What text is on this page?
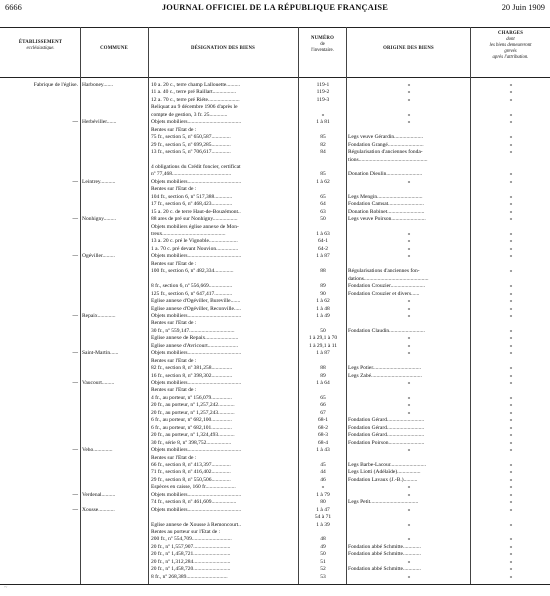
6666	JOURNAL OFFICIEL DE LA RÉPUBLIQUE FRANÇAISE	20 Juin 1909
ÉTABLISSEMENT
ecclésiastique.	COMMUNE	DÉSIGNATION DES BIENS
NUMÉRO
de
l'inventaire.	ORIGINE DES BIENS
CHARGES
dont
les biens demeureront
grevés
après l'attribution.
Fabrique de l'église. Harboney.......	10 a. 20 c., terre champ Lallouette..........	119-1	»	»
11 a. 40 c., terre pré Raillart.................	119-2	»	»
12 a. 70 c., terre pré Riéte.......................	119-3	»	»
Reliquat au 9 décembre 1906 d'après le
compte de gestion, 3 fr. 25.............	»	»	»
— Herbéviller.......	Objets mobiliers.......................................	1 à 81	»	»
Rentes sur l'Etat de :
75 fr., section 5, nº 650,587..............	85	Legs veuve Gérardin.....................	»
29 fr., section 5, nº 699,285..............	82	Fondation Grangé..........................	»
13 fr., section 5, nº 706,617..............	84	Régularisation d'anciennes fonda-	»
tions..................................................
4 obligations du Crédit foncier, certificat
nº 77,468...........................................	85	Donation Dieulin..........................	»
— Leintrey...........	Objets mobiliers.......................................	1 à 62	»	»
Rentes sur l'Etat de :
104 fr., section 6, nº 517,388.............	65	Legs Mengin.................................	»
17 fr., section 6, nº 468,423...............	64	Fondation Camsat..........................	»
15 a. 20 c. de terre Haut-de-Bouzémont..	63	Donation Robinet...........................	»
— Nonhigny.........	88 ares de pré sur Nonhigny..................	50	Legs veuve Poirson.........................	»
Objets mobiliers église annexe de Mon-
treux..............................................	1 à 63	»	»
13 a. 20 c. pré le Vignoble.....................	64-1	»	»
1 a. 70 c. pré devant Nouvion................	64-2	»	»
— Ogéviller.........	Objets mobiliers.......................................	1 à 87	»	»
Rentes sur l'Etat de :
100 fr., section 6, nº 482,334..............	88	Régularisations d'anciennes fon-	»
dations...............................................
8 fr., section 6, nº 556,669.................	89	Fondation Crouzier.........................	»
125 fr., section 6, nº 647,417.............	90	Fondation Crouzier et divers......	»
Eglise annexe d'Ogéviller, Bureville.......	1 à 62	»	»
Eglise annexe d'Ogéviller, Reconville.....	1 à 48	»	»
— Repaix.............	Objets mobiliers.......................................	1 à 49	»	»
Rentes sur l'Etat de :
30 fr., nº 559,147.................................	50	Fondation Claudin..........................	»
Eglise annexe de Repaix........................	1 à 29,1 à 70	»	»
Eglise annexe d'Avricourt......................	1 à 29,1 à 11	»	»
— Saint-Martin......	Objets mobiliers.......................................	1 à 87	»	»
Rentes sur l'Etat de :
82 fr., section 8, nº 381,258...............	88	Legs Potier...................................	»
16 fr., section 8, nº 398,302...............	89	Legs Zabé.....................................	»
— Vaucourt.........	Objets mobiliers.......................................	1 à 64	»	»
Rentes sur l'Etat de :
4 fr., au porteur, nº 156,079...............	65	»	»
20 fr., au porteur, nº 1,257,242............	66	»	»
20 fr., au porteur, nº 1,257,243............	67	»	»
6 fr., au porteur, nº 682,100...............	68-1	Fondation Gérard...........................	»
6 fr., au porteur, nº 682,101...............	68-2	Fondation Gérard...........................	»
20 fr., au porteur, nº 1,324,493............	68-3	Fondation Gérard...........................	»
30 fr., série 8, nº 398,752..................	68-4	Fondation Poirson..........................	»
— Veho..............	Objets mobiliers.......................................	1 à 43	»	»
Rentes sur l'Etat de :
66 fr., section 8, nº 413,397..............	45	Legs Barbe-Lacour..........................	»
71 fr., section 8, nº 416,402..............	44	Legs Liotti (Adélaïde).................	»
29 fr., section 8, nº 550,506..............	46	Fondation Lavaux (J.-B.)..........	»
Espèces en caisse, 160 fr......................	»	»	»
— Verdenal..........	Objets mobiliers.......................................	1 à 79	»	»
74 fr., section 8, nº 461,609..................	80	Legs Petit...................................	»
— Xousse............	Objets mobiliers.......................................	1 à 47	»	»
54 à 71
Eglise annexe de Xousse à Remoncourt..	1 à 39	»	»
Rentes au porteur sur l'Etat de :
200 fr., nº 554,709.............................	48	»	»
20 fr., nº 1,557,907...........................	49	Fondation abbé Schmitte.............	»
20 fr., nº 1,458,721...........................	50	Fondation abbé Schmitte.............	»
20 fr., nº 1,312,284...........................	51	»	»
20 fr., nº 1,458,720...........................	52	Fondation abbé Schmitte.............	»
8 fr., nº 268,389..............................	53	»	»
~
